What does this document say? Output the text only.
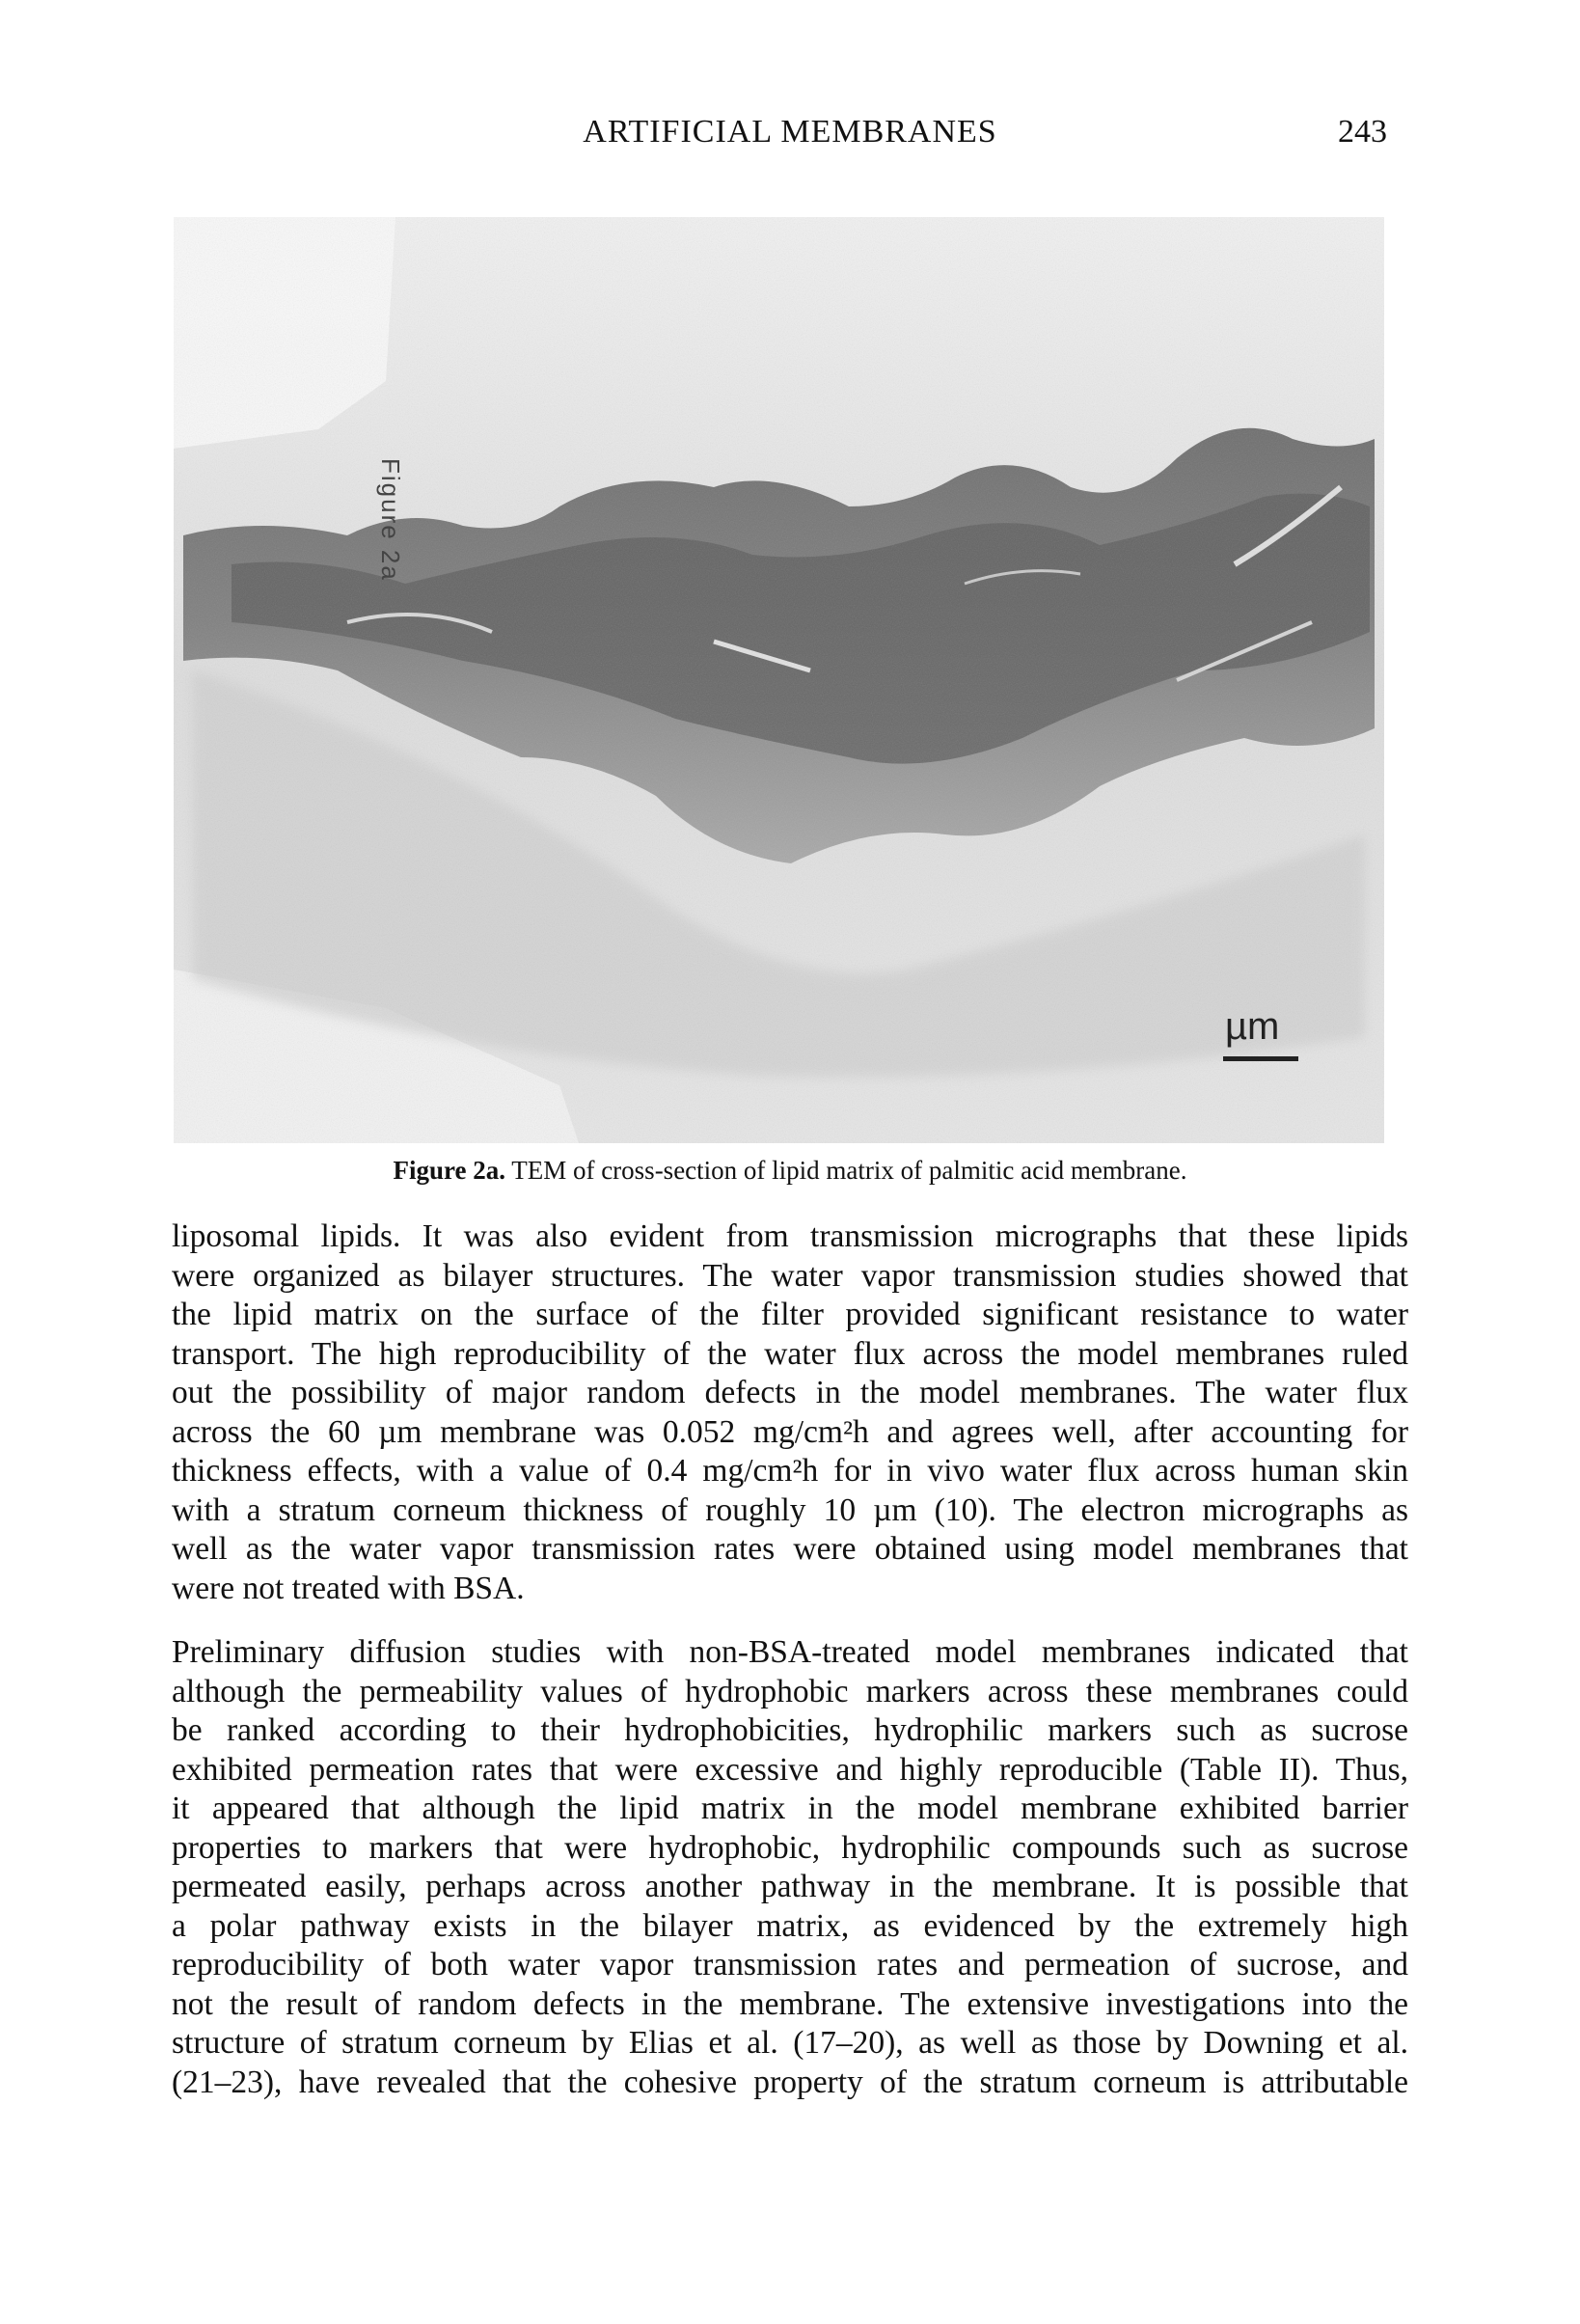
ARTIFICIAL MEMBRANES	243
Figure 2a
µm
Figure 2a. TEM of cross-section of lipid matrix of palmitic acid membrane.
liposomal lipids. It was also evident from transmission micrographs that these lipids
were organized as bilayer structures. The water vapor transmission studies showed that
the lipid matrix on the surface of the filter provided significant resistance to water
transport. The high reproducibility of the water flux across the model membranes ruled
out the possibility of major random defects in the model membranes. The water flux
across the 60 µm membrane was 0.052 mg/cm²h and agrees well, after accounting for
thickness effects, with a value of 0.4 mg/cm²h for in vivo water flux across human skin
with a stratum corneum thickness of roughly 10 µm (10). The electron micrographs as
well as the water vapor transmission rates were obtained using model membranes that
were not treated with BSA.
Preliminary diffusion studies with non-BSA-treated model membranes indicated that
although the permeability values of hydrophobic markers across these membranes could
be ranked according to their hydrophobicities, hydrophilic markers such as sucrose
exhibited permeation rates that were excessive and highly reproducible (Table II). Thus,
it appeared that although the lipid matrix in the model membrane exhibited barrier
properties to markers that were hydrophobic, hydrophilic compounds such as sucrose
permeated easily, perhaps across another pathway in the membrane. It is possible that
a polar pathway exists in the bilayer matrix, as evidenced by the extremely high
reproducibility of both water vapor transmission rates and permeation of sucrose, and
not the result of random defects in the membrane. The extensive investigations into the
structure of stratum corneum by Elias et al. (17–20), as well as those by Downing et al.
(21–23), have revealed that the cohesive property of the stratum corneum is attributable
